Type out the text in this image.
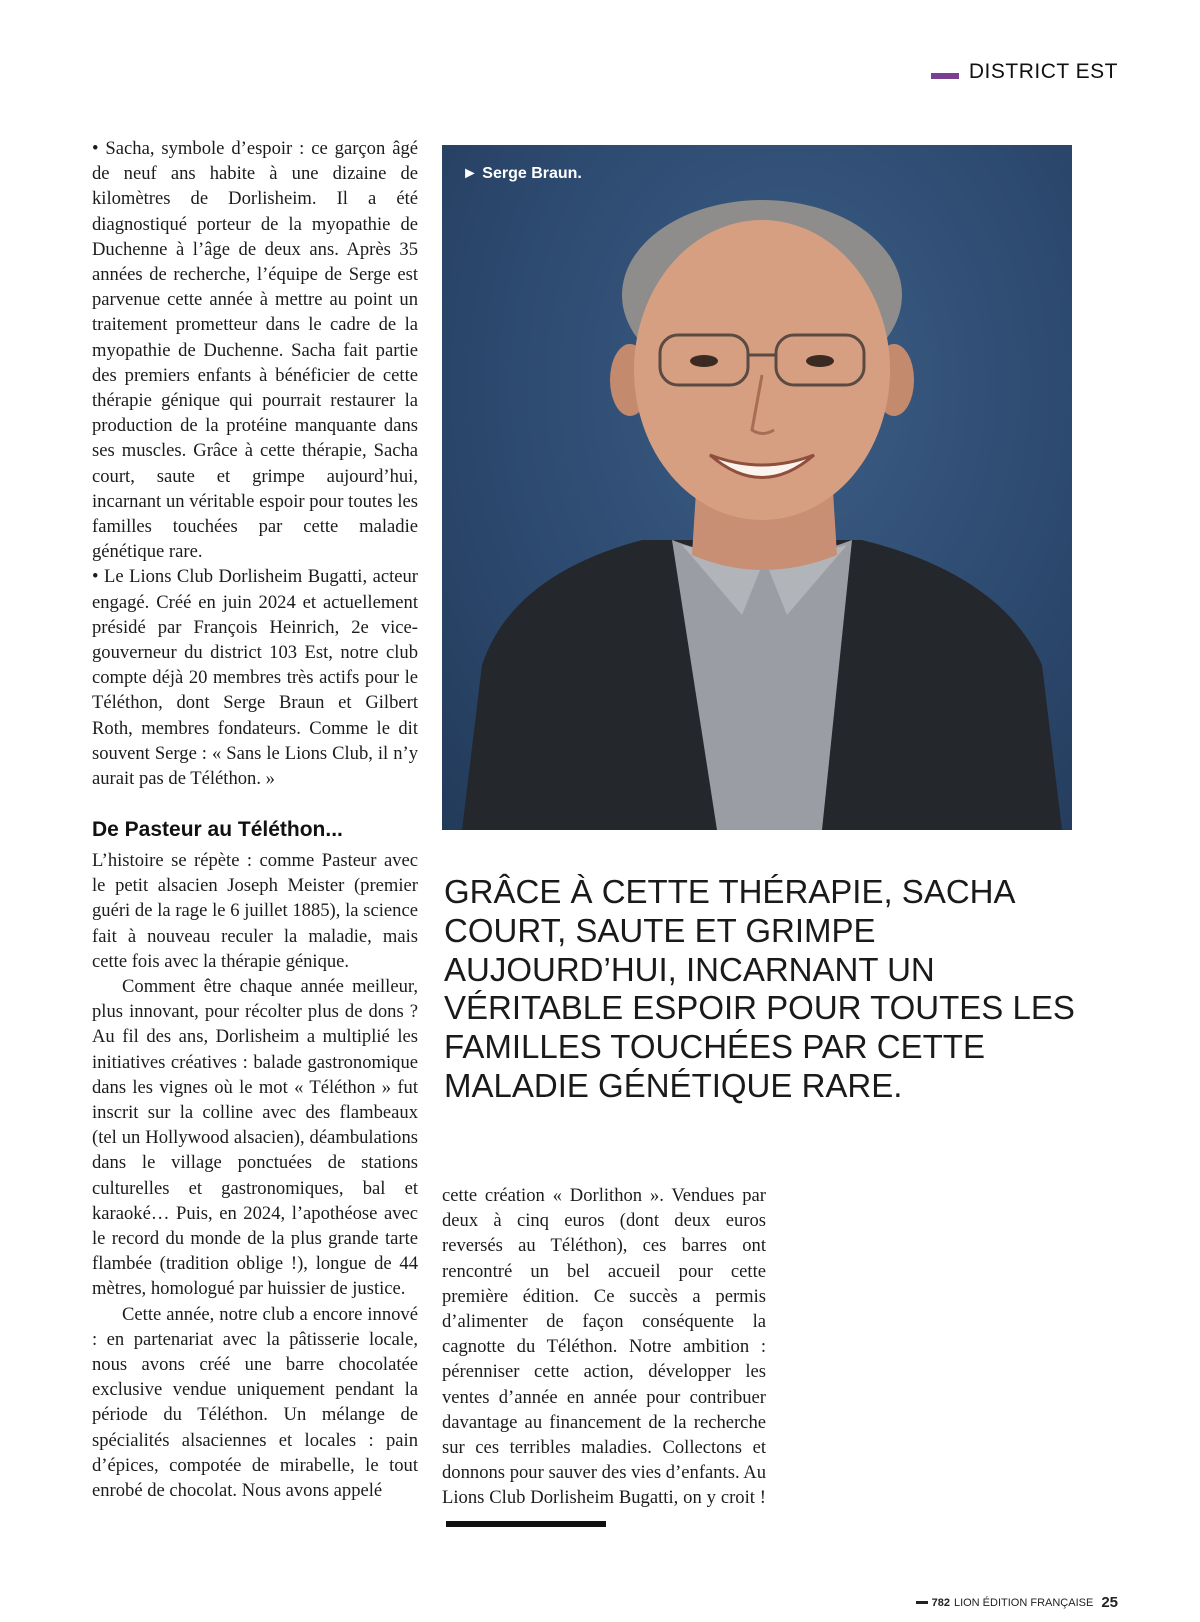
DISTRICT EST

• Sacha, symbole d’espoir : ce garçon âgé de neuf ans habite à une dizaine de kilomètres de Dorlisheim. Il a été diagnostiqué porteur de la myopathie de Duchenne à l’âge de deux ans. Après 35 années de recherche, l’équipe de Serge est parvenue cette année à mettre au point un traitement prometteur dans le cadre de la myopathie de Duchenne. Sacha fait partie des premiers enfants à bénéficier de cette thérapie génique qui pourrait restaurer la production de la protéine manquante dans ses muscles. Grâce à cette thérapie, Sacha court, saute et grimpe aujourd’hui, incarnant un véritable espoir pour toutes les familles touchées par cette maladie génétique rare.

• Le Lions Club Dorlisheim Bugatti, acteur engagé. Créé en juin 2024 et actuellement présidé par François Heinrich, 2e vice-gouverneur du district 103 Est, notre club compte déjà 20 membres très actifs pour le Téléthon, dont Serge Braun et Gilbert Roth, membres fondateurs. Comme le dit souvent Serge : « Sans le Lions Club, il n’y aurait pas de Téléthon. »

De Pasteur au Téléthon...

L’histoire se répète : comme Pasteur avec le petit alsacien Joseph Meister (premier guéri de la rage le 6 juillet 1885), la science fait à nouveau reculer la maladie, mais cette fois avec la thérapie génique.

Comment être chaque année meilleur, plus innovant, pour récolter plus de dons ? Au fil des ans, Dorlisheim a multiplié les initiatives créatives : balade gastronomique dans les vignes où le mot « Téléthon » fut inscrit sur la colline avec des flambeaux (tel un Hollywood alsacien), déambulations dans le village ponctuées de stations culturelles et gastronomiques, bal et karaoké… Puis, en 2024, l’apothéose avec le record du monde de la plus grande tarte flambée (tradition oblige !), longue de 44 mètres, homologué par huissier de justice.

Cette année, notre club a encore innové : en partenariat avec la pâtisserie locale, nous avons créé une barre chocolatée exclusive vendue uniquement pendant la période du Téléthon. Un mélange de spécialités alsaciennes et locales : pain d’épices, compotée de mirabelle, le tout enrobé de chocolat. Nous avons appelé

► Serge Braun.
GRÂCE À CETTE THÉRAPIE, SACHA COURT, SAUTE ET GRIMPE AUJOURD’HUI, INCARNANT UN VÉRITABLE ESPOIR POUR TOUTES LES FAMILLES TOUCHÉES PAR CETTE MALADIE GÉNÉTIQUE RARE.

cette création « Dorlithon ». Vendues par deux à cinq euros (dont deux euros reversés au Téléthon), ces barres ont rencontré un bel accueil pour cette première édition. Ce succès a permis d’alimenter de façon conséquente la cagnotte du Téléthon. Notre ambition : pérenniser cette action, développer les ventes d’année en année pour contribuer davantage au financement de la recherche sur ces terribles maladies. Collectons et donnons pour sauver des vies d’enfants. Au Lions Club Dorlisheim Bugatti, on y croit !

782 LION ÉDITION FRANÇAISE 25
